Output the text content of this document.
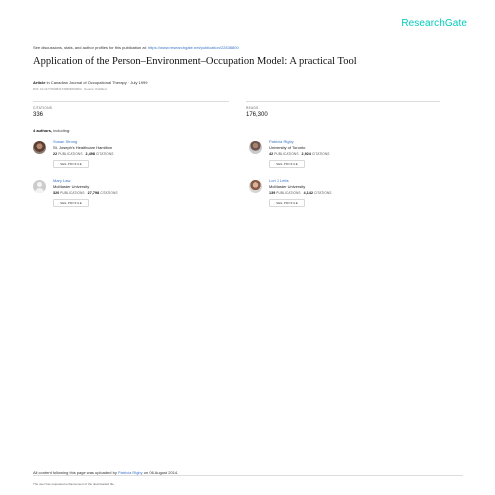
ResearchGate
See discussions, stats, and author profiles for this publication at: https://www.researchgate.net/publication/22838800
Application of the Person–Environment–Occupation Model: A practical Tool
Article in Canadian Journal of Occupational Therapy · July 1999
DOI: 10.1177/000841749906600304 · Source: PubMed
CITATIONS
336
READS
176,300
4 authors, including:
Susan Strong
St. Joseph's Healthcare Hamilton
22 PUBLICATIONS 2,498 CITATIONS
SEE PROFILE
Patricia Rigby
University of Toronto
42 PUBLICATIONS 2,924 CITATIONS
SEE PROFILE
Mary Law
McMaster University
320 PUBLICATIONS 27,798 CITATIONS
SEE PROFILE
Lori J Letts
McMaster University
139 PUBLICATIONS 4,142 CITATIONS
SEE PROFILE
All content following this page was uploaded by Patricia Rigby on 06 August 2014.
The user has requested enhancement of the downloaded file.
